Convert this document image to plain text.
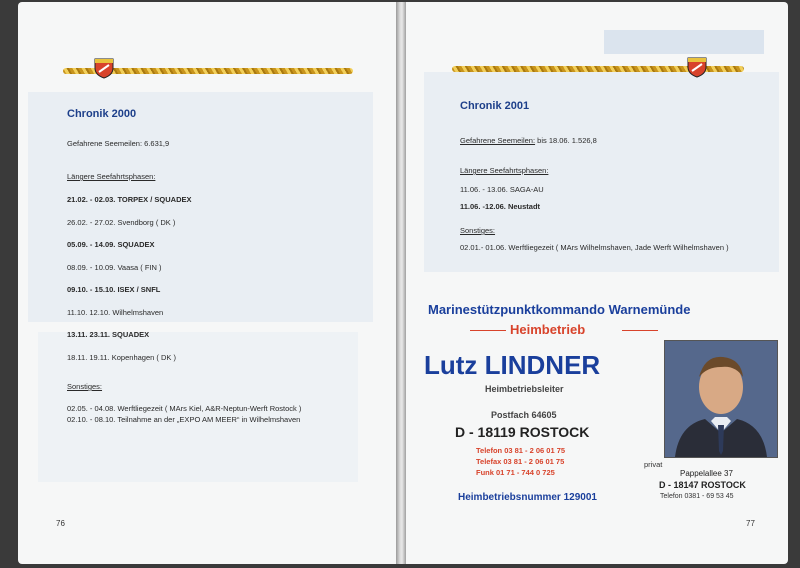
Chronik 2000
Gefahrene Seemeilen: 6.631,9
Längere Seefahrtsphasen:
21.02. - 02.03. TORPEX / SQUADEX
26.02. - 27.02. Svendborg ( DK )
05.09. - 14.09. SQUADEX
08.09. - 10.09. Vaasa ( FIN )
09.10. - 15.10. ISEX / SNFL
11.10. 12.10. Wilhelmshaven
13.11. 23.11. SQUADEX
18.11. 19.11. Kopenhagen ( DK )
Sonstiges:
02.05. - 04.08. Werftliegezeit ( MArs Kiel, A&R-Neptun-Werft Rostock )
02.10. - 08.10. Teilnahme an der „EXPO AM MEER“ in Wilhelmshaven
76
Chronik 2001
Gefahrene Seemeilen: bis 18.06. 1.526,8
Längere Seefahrtsphasen:
11.06. - 13.06. SAGA-AU
11.06. -12.06. Neustadt
Sonstiges:
02.01.- 01.06. Werftliegezeit ( MArs Wilhelmshaven, Jade Werft Wilhelmshaven )
Marinestützpunktkommando Warnemünde
Heimbetrieb
Lutz LINDNER
Heimbetriebsleiter
Postfach 64605
D - 18119 ROSTOCK
Telefon 03 81 - 2 06 01 75
Telefax 03 81 - 2 06 01 75
Funk 01 71 - 744 0 725
Heimbetriebsnummer 129001
privat
Pappelallee 37
D - 18147 ROSTOCK
Telefon 0381 - 69 53 45
77
